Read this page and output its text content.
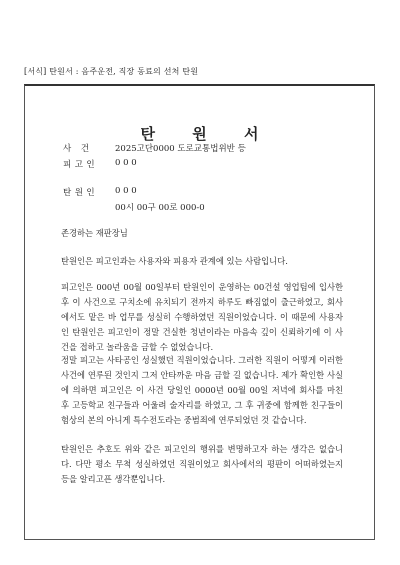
[서식] 탄원서 : 음주운전, 직장 동료의 선처 탄원
탄 원 서
사 건	2025고단0000 도로교통법위반 등
피고인 0 0 0
탄원인 0 0 0
00시 00구 00로 000-0
존경하는 재판장님
탄원인은 피고인과는 사용자와 피용자 관계에 있는 사람입니다.
피고인은 000년 00월 00일부터 탄원인이 운영하는 00건설 영업팀에 입사한 후 이 사건으로 구치소에 유치되기 전까지 하루도 빠짐없이 출근하였고, 회사에서도 맡은 바 업무를 성실히 수행하였던 직원이었습니다. 이 때문에 사용자인 탄원인은 피고인이 정말 건실한 청년이라는 마음속 깊이 신뢰하기에 이 사건을 접하고 놀라움을 금할 수 없었습니다.
정말 피고는 사타공인 성실했던 직원이었습니다. 그러한 직원이 어떻게 이러한 사건에 연루된 것인지 그저 안타까운 마음 금할 길 없습니다. 제가 확인한 사실에 의하면 피고인은 이 사건 당일인 0000년 00월 00일 저녁에 회사를 마친 후 고등학교 친구들과 어울려 술자리를 하였고, 그 후 귀중에 함께한 친구들이 험상의 본의 아니게 특수전도라는 중범죄에 연루되었던 것 같습니다.
탄원인은 추호도 위와 같은 피고인의 행위를 변명하고자 하는 생각은 없습니다. 다만 평소 무척 성실하였던 직원이었고 회사에서의 평판이 어떠하였는지 등을 알리고픈 생각뿐입니다.
